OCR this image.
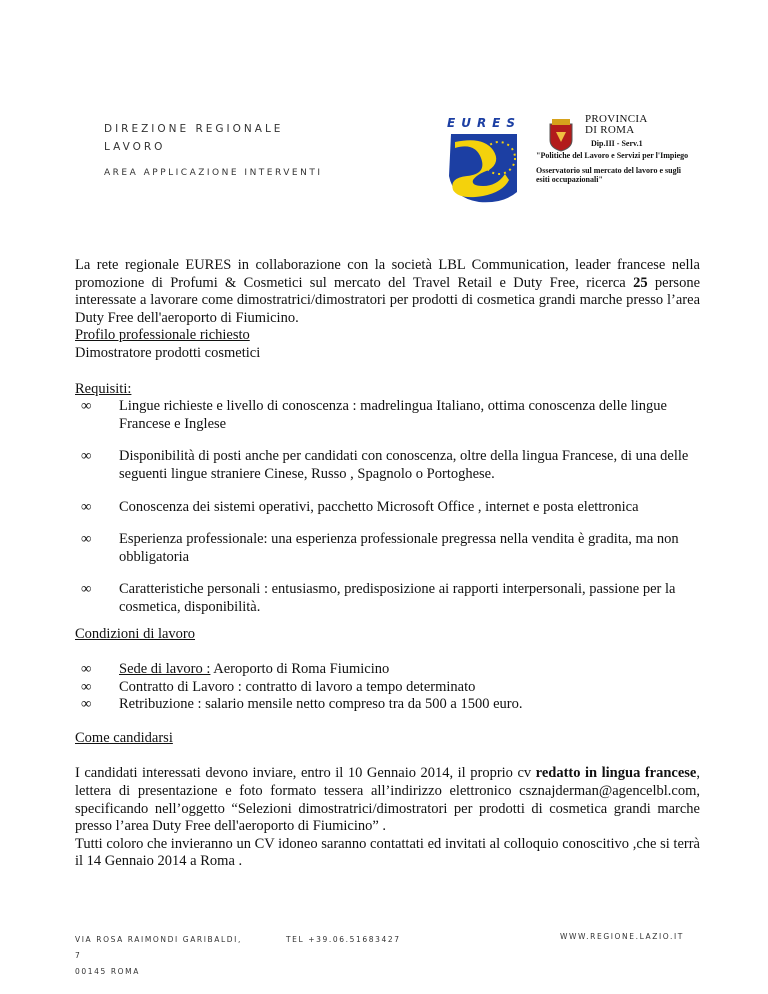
DIREZIONE REGIONALE
LAVORO
AREA APPLICAZIONE INTERVENTI
EURES	PROVINCIA
DI ROMA
Dip.III - Serv.1
"Politiche del Lavoro e Servizi per l'Impiego
Osservatorio sul mercato del lavoro e sugli esiti occupazionali"
La rete regionale EURES in collaborazione con la società LBL Communication, leader francese nella promozione di Profumi & Cosmetici sul mercato del Travel Retail e Duty Free, ricerca 25 persone interessate a lavorare come dimostratrici/dimostratori per prodotti di cosmetica grandi marche presso l’area Duty Free dell'aeroporto di Fiumicino.
Profilo professionale richiesto
Dimostratore prodotti cosmetici
Requisiti:
∞ Lingue richieste e livello di conoscenza : madrelingua Italiano, ottima conoscenza delle lingue Francese e Inglese
∞ Disponibilità di posti anche per candidati con conoscenza, oltre della lingua Francese, di una delle seguenti lingue straniere Cinese, Russo , Spagnolo o Portoghese.
∞ Conoscenza dei sistemi operativi, pacchetto Microsoft Office , internet e posta elettronica
∞ Esperienza professionale: una esperienza professionale pregressa nella vendita è gradita, ma non obbligatoria
∞ Caratteristiche personali : entusiasmo, predisposizione ai rapporti interpersonali, passione per la cosmetica, disponibilità.
Condizioni di lavoro
∞ Sede di lavoro : Aeroporto di Roma Fiumicino
∞ Contratto di Lavoro : contratto di lavoro a tempo determinato
∞ Retribuzione : salario mensile netto compreso tra da 500 a 1500 euro.
Come candidarsi
I candidati interessati devono inviare, entro il 10 Gennaio 2014, il proprio cv redatto in lingua francese, lettera di presentazione e foto formato tessera all’indirizzo elettronico csznajderman@agencelbl.com, specificando nell’oggetto “Selezioni dimostratrici/dimostratori per prodotti di cosmetica grandi marche presso l’area Duty Free dell'aeroporto di Fiumicino” .
Tutti coloro che invieranno un CV idoneo saranno contattati ed invitati al colloquio conoscitivo ,che si terrà il 14 Gennaio 2014 a Roma .
VIA ROSA RAIMONDI GARIBALDI,
7
00145 ROMA
TEL +39.06.51683427	WWW.REGIONE.LAZIO.IT
